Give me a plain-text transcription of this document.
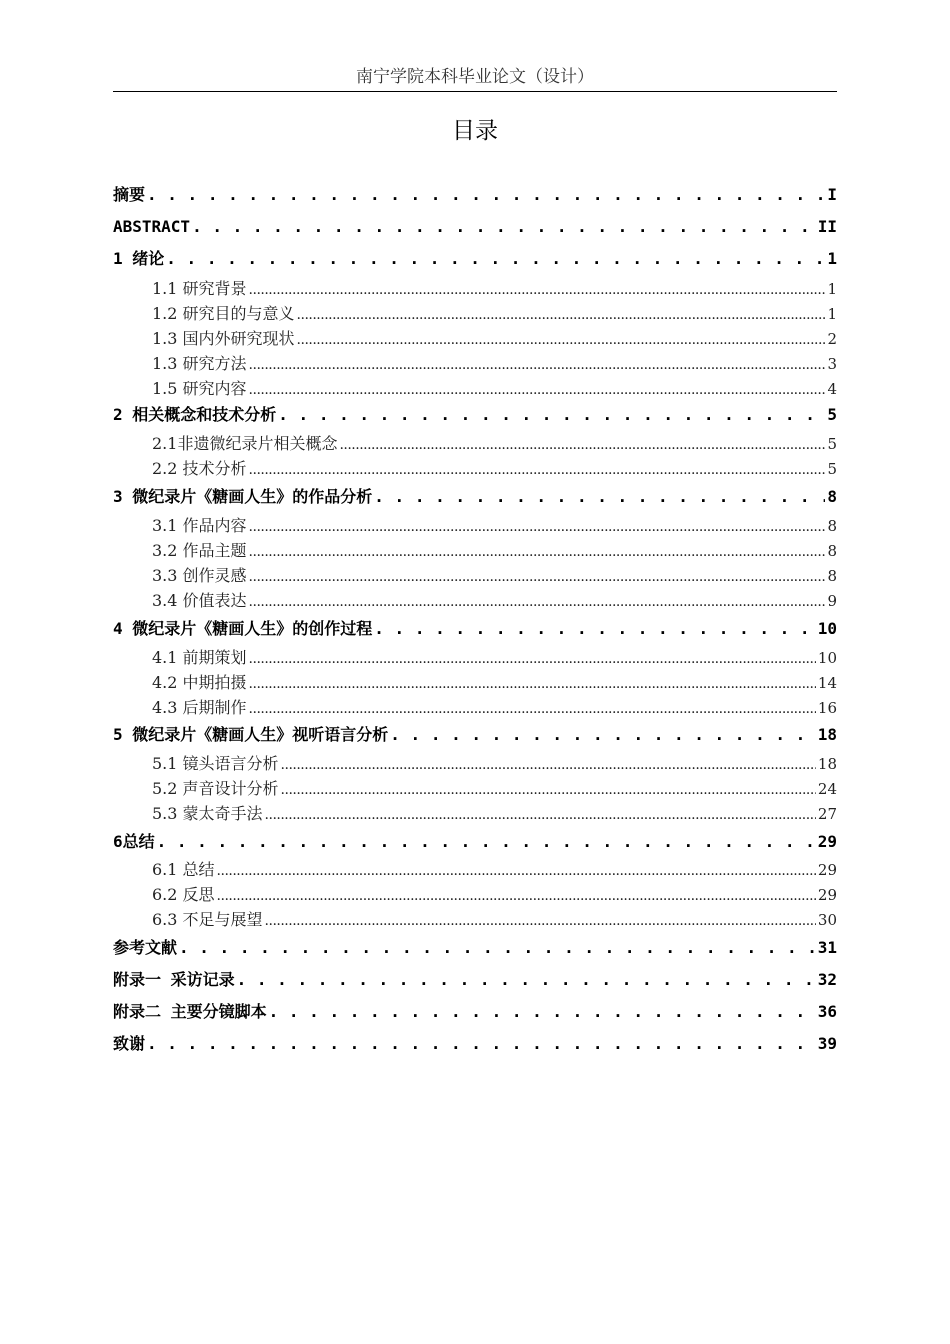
南宁学院本科毕业论文（设计）
目录
摘要 . . .	I
ABSTRACT . . .	II
1 绪论 . . .	1
1.1 研究背景 .....	1
1.2 研究目的与意义 .....	1
1.3 国内外研究现状 .....	2
1.3 研究方法 .....	3
1.5 研究内容 .....	4
2 相关概念和技术分析 . . .	5
2.1非遗微纪录片相关概念 .....	5
2.2 技术分析 .....	5
3 微纪录片《糖画人生》的作品分析 . . .	8
3.1 作品内容 .....	8
3.2 作品主题 .....	8
3.3 创作灵感 .....	8
3.4 价值表达 .....	9
4 微纪录片《糖画人生》的创作过程 . . .	10
4.1 前期策划 .....	10
4.2 中期拍摄 .....	14
4.3 后期制作 .....	16
5 微纪录片《糖画人生》视听语言分析 . . .	18
5.1 镜头语言分析 .....	18
5.2 声音设计分析 .....	24
5.3 蒙太奇手法 .....	27
6总结 . . .	29
6.1 总结 .....	29
6.2 反思 .....	29
6.3 不足与展望 .....	30
参考文献 . . .	31
附录一 采访记录 . . .	32
附录二 主要分镜脚本 . . .	36
致谢 . . .	39
